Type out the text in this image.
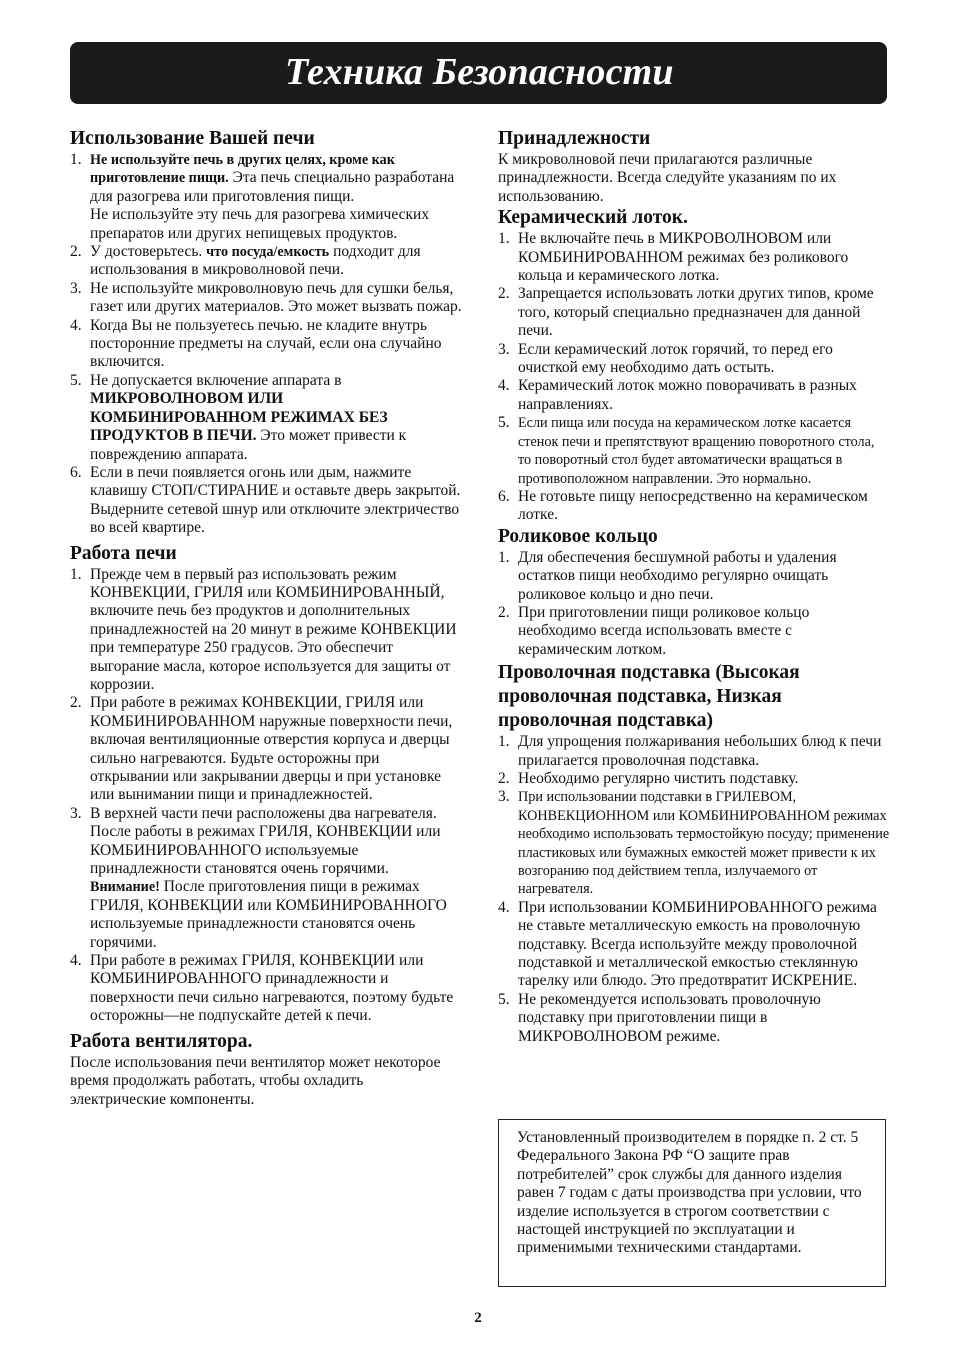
Техника Безопасности
Использование Вашей печи
1. Не используйте печь в других целях, кроме как приготовление пищи. Эта печь специально разработана для разогрева или приготовления пищи.
Не используйте эту печь для разогрева химических препаратов или других непищевых продуктов.
2. У достоверьтесь. что посуда/емкость подходит для использования в микроволновой печи.
3. Не используйте микроволновую печь для сушки белья, газет или других материалов. Это может вызвать пожар.
4. Когда Вы не пользуетесь печью. не кладите внутрь посторонние предметы на случай, если она случайно включится.
5. Не допускается включение аппарата в МИКРОВОЛНОВОМ ИЛИ КОМБИНИРОВАННОМ РЕЖИМАХ БЕЗ ПРОДУКТОВ В ПЕЧИ. Это может привести к повреждению аппарата.
6. Если в печи появляется огонь или дым, нажмите клавишу СТОП/СТИРАНИЕ и оставьте дверь закрытой. Выдерните сетевой шнур или отключите электричество во всей квартире.
Работа печи
1. Прежде чем в первый раз использовать режим КОНВЕКЦИИ, ГРИЛЯ или КОМБИНИРОВАННЫЙ, включите печь без продуктов и дополнительных принадлежностей на 20 минут в режиме КОНВЕКЦИИ при температуре 250 градусов. Это обеспечит выгорание масла, которое используется для защиты от коррозии.
2. При работе в режимах КОНВЕКЦИИ, ГРИЛЯ или КОМБИНИРОВАННОМ наружные поверхности печи, включая вентиляционные отверстия корпуса и дверцы сильно нагреваются. Будьте осторожны при открывании или закрывании дверцы и при установке или вынимании пищи и принадлежностей.
3. В верхней части печи расположены два нагревателя. После работы в режимах ГРИЛЯ, КОНВЕКЦИИ или КОМБИНИРОВАННОГО используемые принадлежности становятся очень горячими.
Внимание! После приготовления пищи в режимах ГРИЛЯ, КОНВЕКЦИИ или КОМБИНИРОВАННОГО используемые принадлежности становятся очень горячими.
4. При работе в режимах ГРИЛЯ, КОНВЕКЦИИ или КОМБИНИРОВАННОГО принадлежности и поверхности печи сильно нагреваются, поэтому будьте осторожны—не подпускайте детей к печи.
Работа вентилятора.

После использования печи вентилятор может некоторое время продолжать работать, чтобы охладить электрические компоненты.

Принадлежности

К микроволновой печи прилагаются различные принадлежности. Всегда следуйте указаниям по их использованию.

Керамический лоток.
1. Не включайте печь в МИКРОВОЛНОВОМ или КОМБИНИРОВАННОМ режимах без роликового кольца и керамического лотка.
2. Запрещается использовать лотки других типов, кроме того, который специально предназначен для данной печи.
3. Если керамический лоток горячий, то перед его очисткой ему необходимо дать остыть.
4. Керамический лоток можно поворачивать в разных направлениях.
5. Если пища или посуда на керамическом лотке касается стенок печи и препятствуют вращению поворотного стола, то поворотный стол будет автоматически вращаться в противоположном направлении. Это нормально.
6. Не готовьте пищу непосредственно на керамическом лотке.
Роликовое кольцо
1. Для обеспечения бесшумной работы и удаления остатков пищи необходимо регулярно очищать роликовое кольцо и дно печи.
2. При приготовлении пищи роликовое кольцо необходимо всегда использовать вместе с керамическим лотком.
Проволочная подставка (Высокая проволочная подставка, Низкая проволочная подставка)
1. Для упрощения полжаривания небольших блюд к печи прилагается проволочная подставка.
2. Необходимо регулярно чистить подставку.
3. При использовании подставки в ГРИЛЕВОМ, КОНВЕКЦИОННОМ или КОМБИНИРОВАННОМ режимах необходимо использовать термостойкую посуду; применение пластиковых или бумажных емкостей может привести к их возгоранию под действием тепла, излучаемого от нагревателя.
4. При использовании КОМБИНИРОВАННОГО режима не ставьте металлическую емкость на проволочную подставку. Всегда используйте между проволочной подставкой и металлической емкостью стеклянную тарелку или блюдо. Это предотвратит ИСКРЕНИЕ.
5. Не рекомендуется использовать проволочную подставку при приготовлении пищи в МИКРОВОЛНОВОМ режиме.
Установленный производителем в порядке п. 2 ст. 5 Федерального Закона РФ “О защите прав потребителей” срок службы для данного изделия равен 7 годам с даты производства при условии, что изделие используется в строгом соответствии с настощей инструкцией по эксплуатации и применимыми техническими стандартами.
2
